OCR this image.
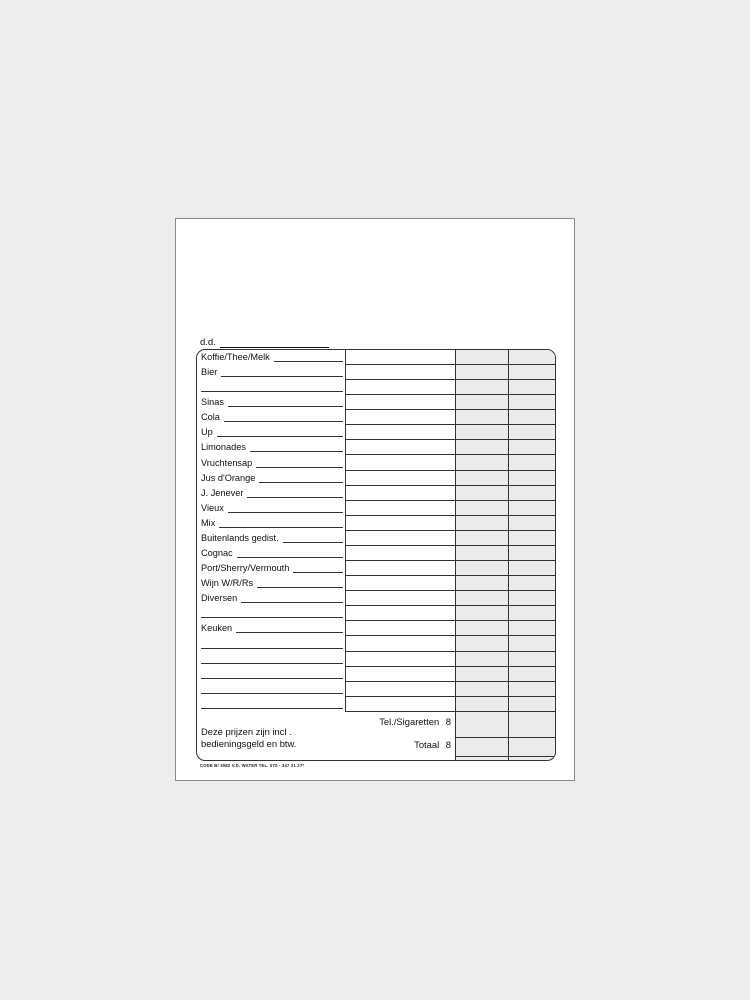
d.d.
Koffie/Thee/Melk
Bier
Sinas
Cola
Up
Limonades
Vruchtensap
Jus d'Orange
J. Jenever
Vieux
Mix
Buitenlands gedist.
Cognac
Port/Sherry/Vermouth
Wijn W/R/Rs
Diversen
Keuken
Deze prijzen zijn incl .
bedieningsgeld en btw.
Tel./Sigaretten 8
Totaal 8
CODE B/ 3082 V.D. WATER TEL. 070 - 347 21 27*
